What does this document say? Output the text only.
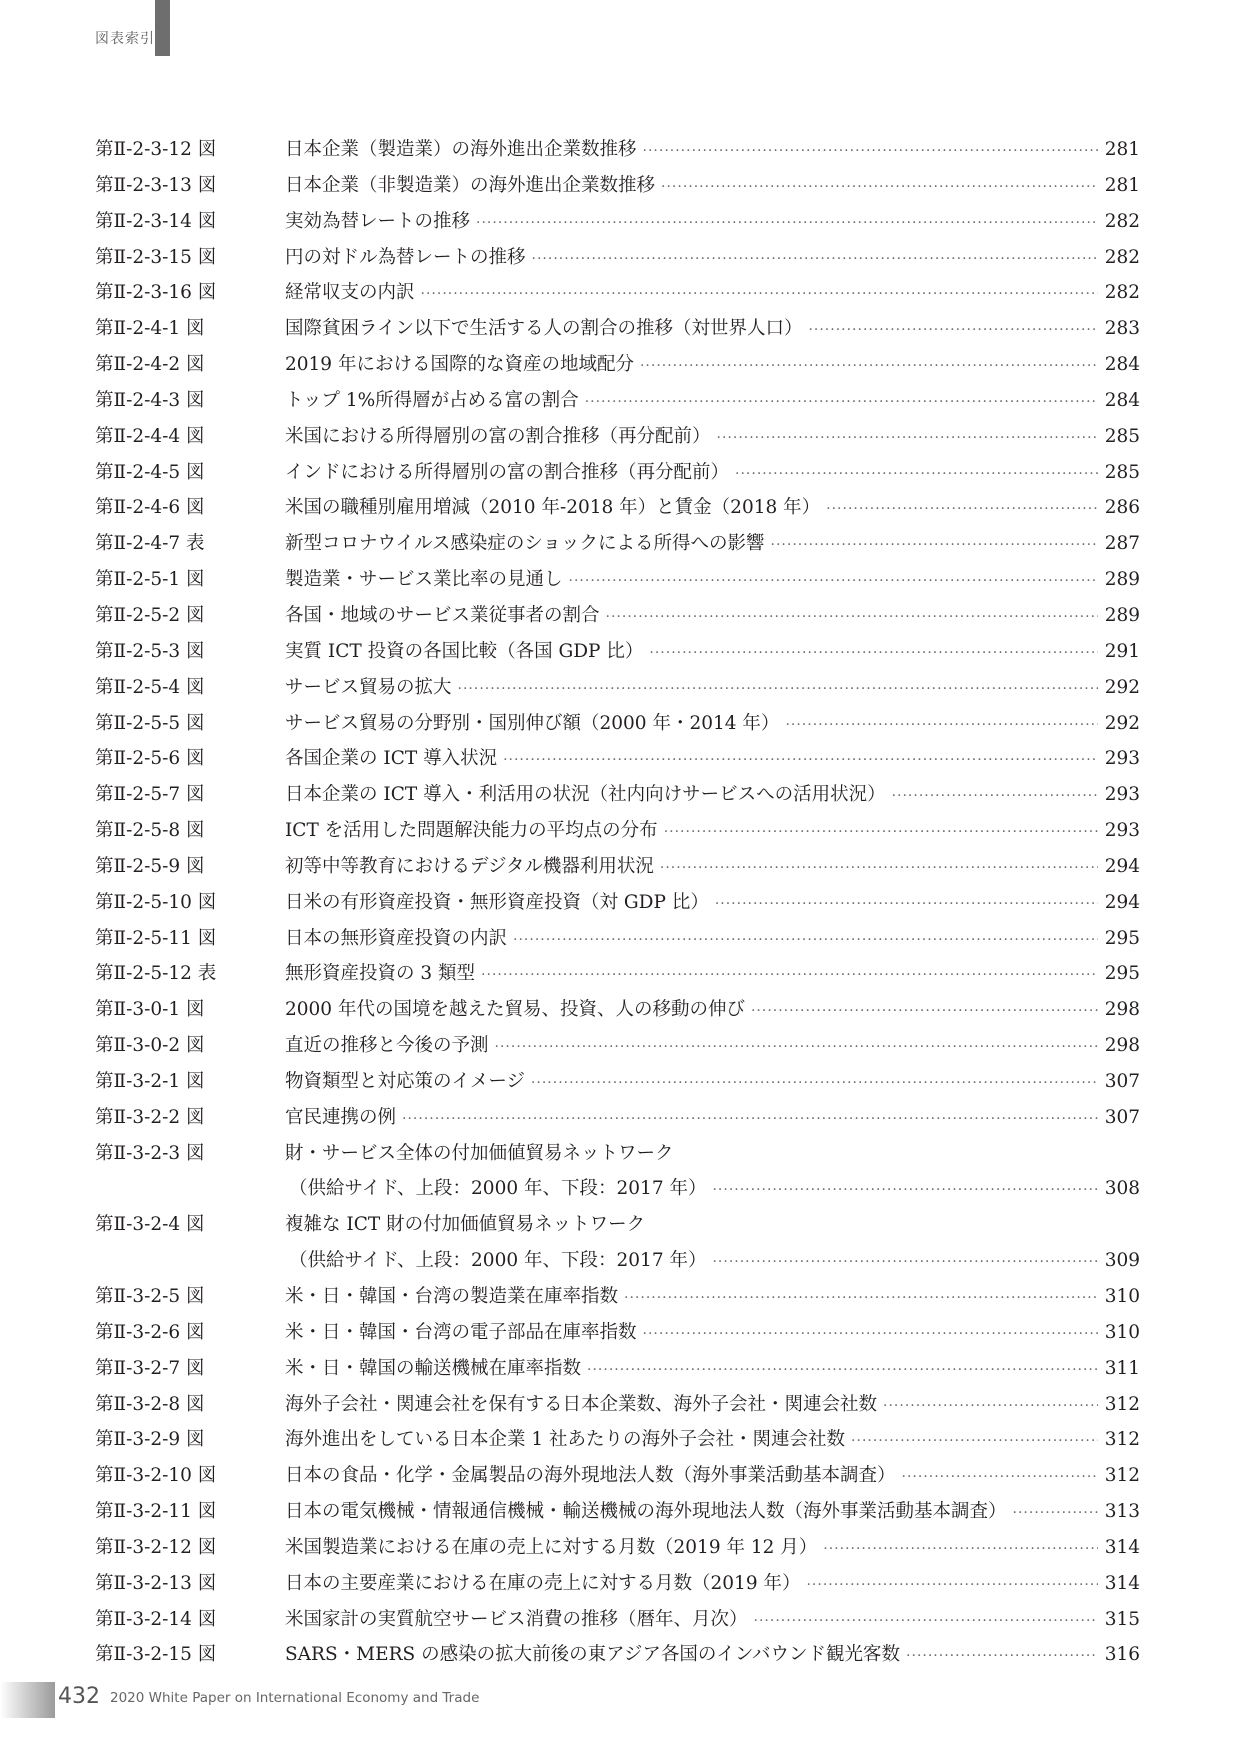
図表索引
第Ⅱ-2-3-12 図	日本企業（製造業）の海外進出企業数推移 ·····	281
第Ⅱ-2-3-13 図	日本企業（非製造業）の海外進出企業数推移 ·····	281
第Ⅱ-2-3-14 図	実効為替レートの推移 ·····	282
第Ⅱ-2-3-15 図	円の対ドル為替レートの推移 ·····	282
第Ⅱ-2-3-16 図	経常収支の内訳 ·····	282
第Ⅱ-2-4-1 図	国際貧困ライン以下で生活する人の割合の推移（対世界人口） ·····	283
第Ⅱ-2-4-2 図	2019 年における国際的な資産の地域配分 ·····	284
第Ⅱ-2-4-3 図	トップ 1%所得層が占める富の割合 ·····	284
第Ⅱ-2-4-4 図	米国における所得層別の富の割合推移（再分配前） ·····	285
第Ⅱ-2-4-5 図	インドにおける所得層別の富の割合推移（再分配前） ·····	285
第Ⅱ-2-4-6 図	米国の職種別雇用増減（2010 年-2018 年）と賃金（2018 年） ·····	286
第Ⅱ-2-4-7 表	新型コロナウイルス感染症のショックによる所得への影響 ·····	287
第Ⅱ-2-5-1 図	製造業・サービス業比率の見通し ·····	289
第Ⅱ-2-5-2 図	各国・地域のサービス業従事者の割合 ·····	289
第Ⅱ-2-5-3 図	実質 ICT 投資の各国比較（各国 GDP 比） ·····	291
第Ⅱ-2-5-4 図	サービス貿易の拡大 ·····	292
第Ⅱ-2-5-5 図	サービス貿易の分野別・国別伸び額（2000 年・2014 年） ·····	292
第Ⅱ-2-5-6 図	各国企業の ICT 導入状況 ·····	293
第Ⅱ-2-5-7 図	日本企業の ICT 導入・利活用の状況（社内向けサービスへの活用状況） ·····	293
第Ⅱ-2-5-8 図	ICT を活用した問題解決能力の平均点の分布 ·····	293
第Ⅱ-2-5-9 図	初等中等教育におけるデジタル機器利用状況 ·····	294
第Ⅱ-2-5-10 図	日米の有形資産投資・無形資産投資（対 GDP 比） ·····	294
第Ⅱ-2-5-11 図	日本の無形資産投資の内訳 ·····	295
第Ⅱ-2-5-12 表	無形資産投資の 3 類型 ·····	295
第Ⅱ-3-0-1 図	2000 年代の国境を越えた貿易、投資、人の移動の伸び ·····	298
第Ⅱ-3-0-2 図	直近の推移と今後の予測 ·····	298
第Ⅱ-3-2-1 図	物資類型と対応策のイメージ ·····	307
第Ⅱ-3-2-2 図	官民連携の例 ·····	307
第Ⅱ-3-2-3 図	財・サービス全体の付加価値貿易ネットワーク
（供給サイド、上段：2000 年、下段：2017 年） ·····	308
第Ⅱ-3-2-4 図	複雑な ICT 財の付加価値貿易ネットワーク
（供給サイド、上段：2000 年、下段：2017 年） ·····	309
第Ⅱ-3-2-5 図	米・日・韓国・台湾の製造業在庫率指数 ·····	310
第Ⅱ-3-2-6 図	米・日・韓国・台湾の電子部品在庫率指数 ·····	310
第Ⅱ-3-2-7 図	米・日・韓国の輸送機械在庫率指数 ·····	311
第Ⅱ-3-2-8 図	海外子会社・関連会社を保有する日本企業数、海外子会社・関連会社数 ·····	312
第Ⅱ-3-2-9 図	海外進出をしている日本企業 1 社あたりの海外子会社・関連会社数 ·····	312
第Ⅱ-3-2-10 図	日本の食品・化学・金属製品の海外現地法人数（海外事業活動基本調査） ·····	312
第Ⅱ-3-2-11 図	日本の電気機械・情報通信機械・輸送機械の海外現地法人数（海外事業活動基本調査） ·····	313
第Ⅱ-3-2-12 図	米国製造業における在庫の売上に対する月数（2019 年 12 月） ·····	314
第Ⅱ-3-2-13 図	日本の主要産業における在庫の売上に対する月数（2019 年） ·····	314
第Ⅱ-3-2-14 図	米国家計の実質航空サービス消費の推移（暦年、月次） ·····	315
第Ⅱ-3-2-15 図	SARS・MERS の感染の拡大前後の東アジア各国のインバウンド観光客数 ·····	316
432 2020 White Paper on International Economy and Trade
